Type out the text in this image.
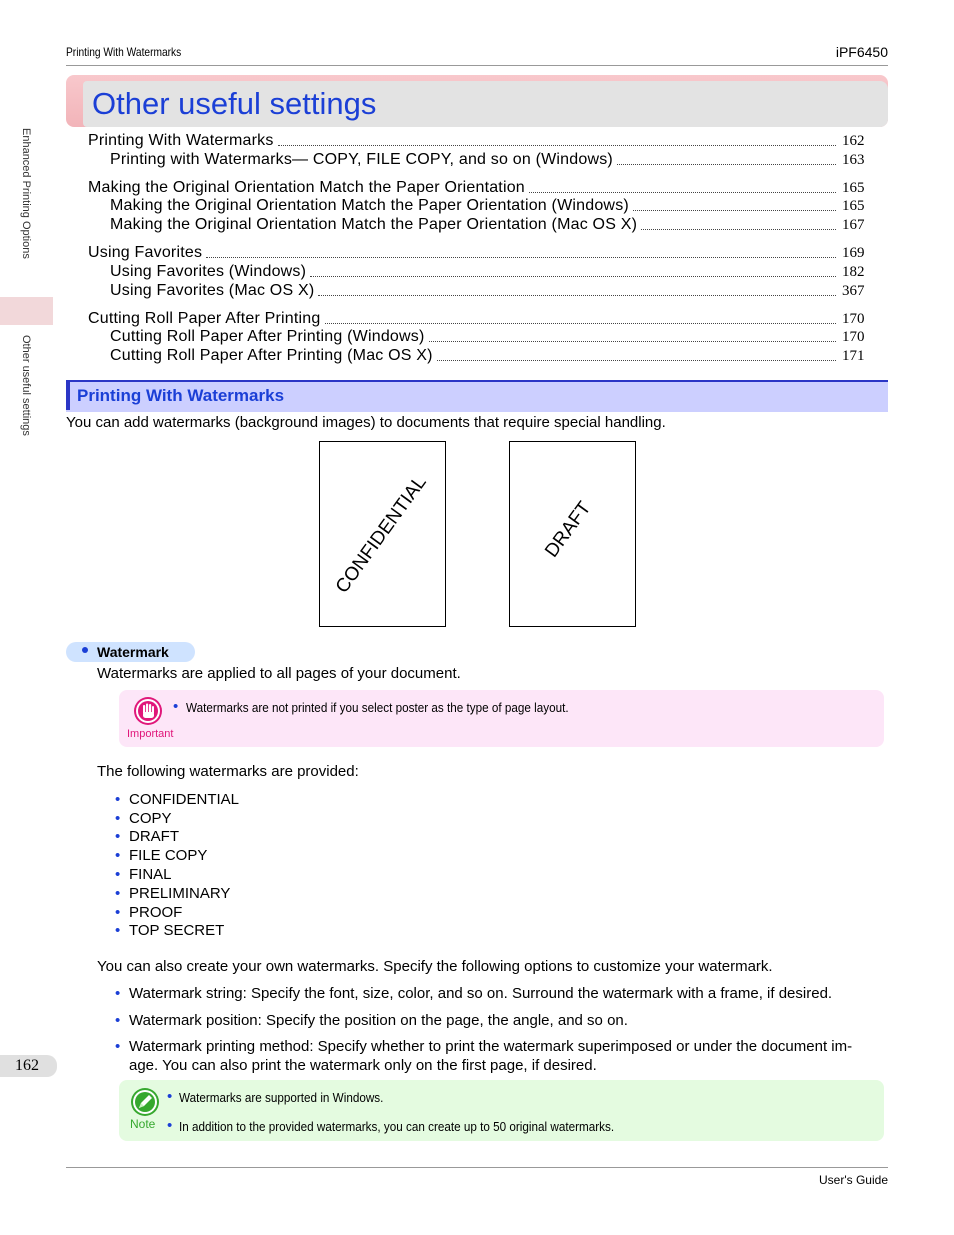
Printing With Watermarks	iPF6450
Enhanced Printing Options
Other useful settings
Other useful settings
Printing With Watermarks	162
Printing with Watermarks— COPY, FILE COPY, and so on (Windows)	163
Making the Original Orientation Match the Paper Orientation	165
Making the Original Orientation Match the Paper Orientation (Windows)	165
Making the Original Orientation Match the Paper Orientation (Mac OS X)	167
Using Favorites	169
Using Favorites (Windows)	182
Using Favorites (Mac OS X)	367
Cutting Roll Paper After Printing	170
Cutting Roll Paper After Printing (Windows)	170
Cutting Roll Paper After Printing (Mac OS X)	171
Printing With Watermarks
You can add watermarks (background images) to documents that require special handling.
CONFIDENTIAL	DRAFT
Watermark
Watermarks are applied to all pages of your document.
Important
• Watermarks are not printed if you select poster as the type of page layout.
The following watermarks are provided:
• CONFIDENTIAL
• COPY
• DRAFT
• FILE COPY
• FINAL
• PRELIMINARY
• PROOF
• TOP SECRET
You can also create your own watermarks. Specify the following options to customize your watermark.
• Watermark string: Specify the font, size, color, and so on. Surround the watermark with a frame, if desired.
• Watermark position: Specify the position on the page, the angle, and so on.
• Watermark printing method: Specify whether to print the watermark superimposed or under the document im-
age. You can also print the watermark only on the first page, if desired.
162
Note
• Watermarks are supported in Windows.
• In addition to the provided watermarks, you can create up to 50 original watermarks.
User's Guide
